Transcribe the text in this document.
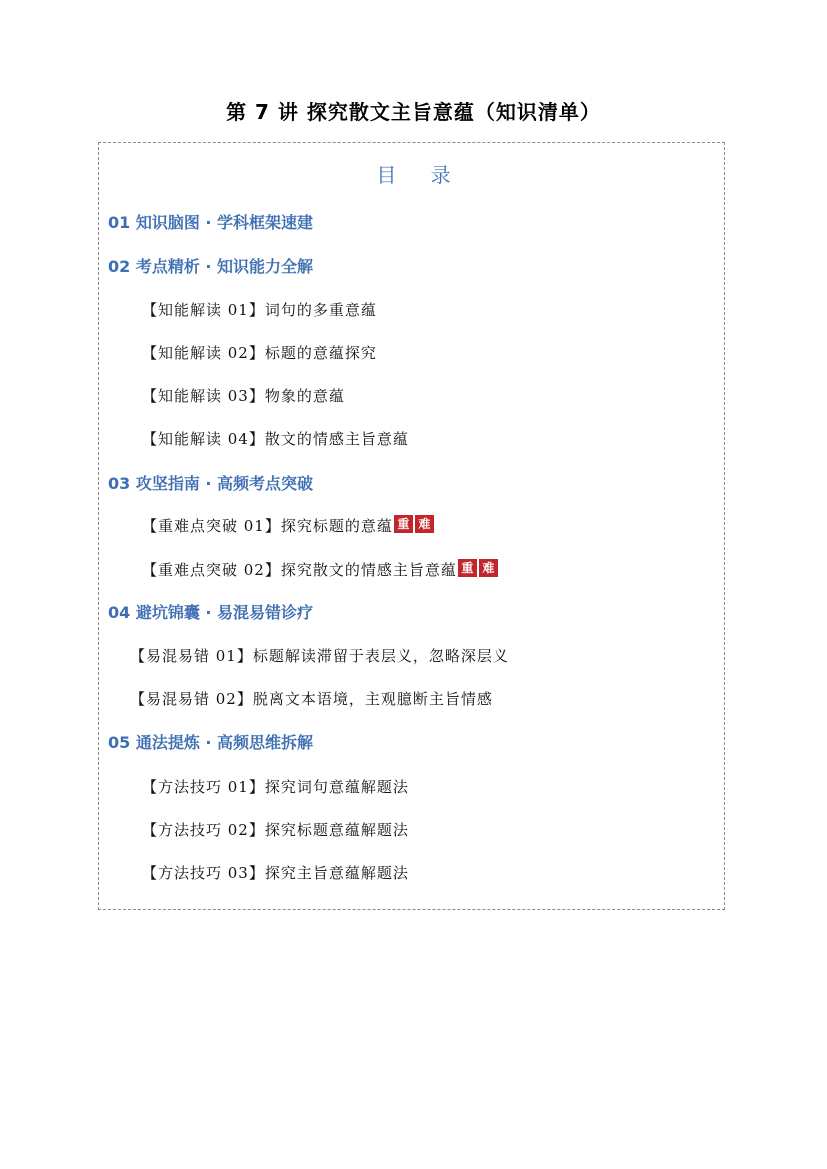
第 7 讲 探究散文主旨意蕴（知识清单）
目 录
01 知识脑图 · 学科框架速建
02 考点精析 · 知识能力全解
【知能解读 01】词句的多重意蕴
【知能解读 02】标题的意蕴探究
【知能解读 03】物象的意蕴
【知能解读 04】散文的情感主旨意蕴
03 攻坚指南 · 高频考点突破
【重难点突破 01】探究标题的意蕴 重 难
【重难点突破 02】探究散文的情感主旨意蕴 重 难
04 避坑锦囊 · 易混易错诊疗
【易混易错 01】标题解读滞留于表层义，忽略深层义
【易混易错 02】脱离文本语境，主观臆断主旨情感
05 通法提炼 · 高频思维拆解
【方法技巧 01】探究词句意蕴解题法
【方法技巧 02】探究标题意蕴解题法
【方法技巧 03】探究主旨意蕴解题法
